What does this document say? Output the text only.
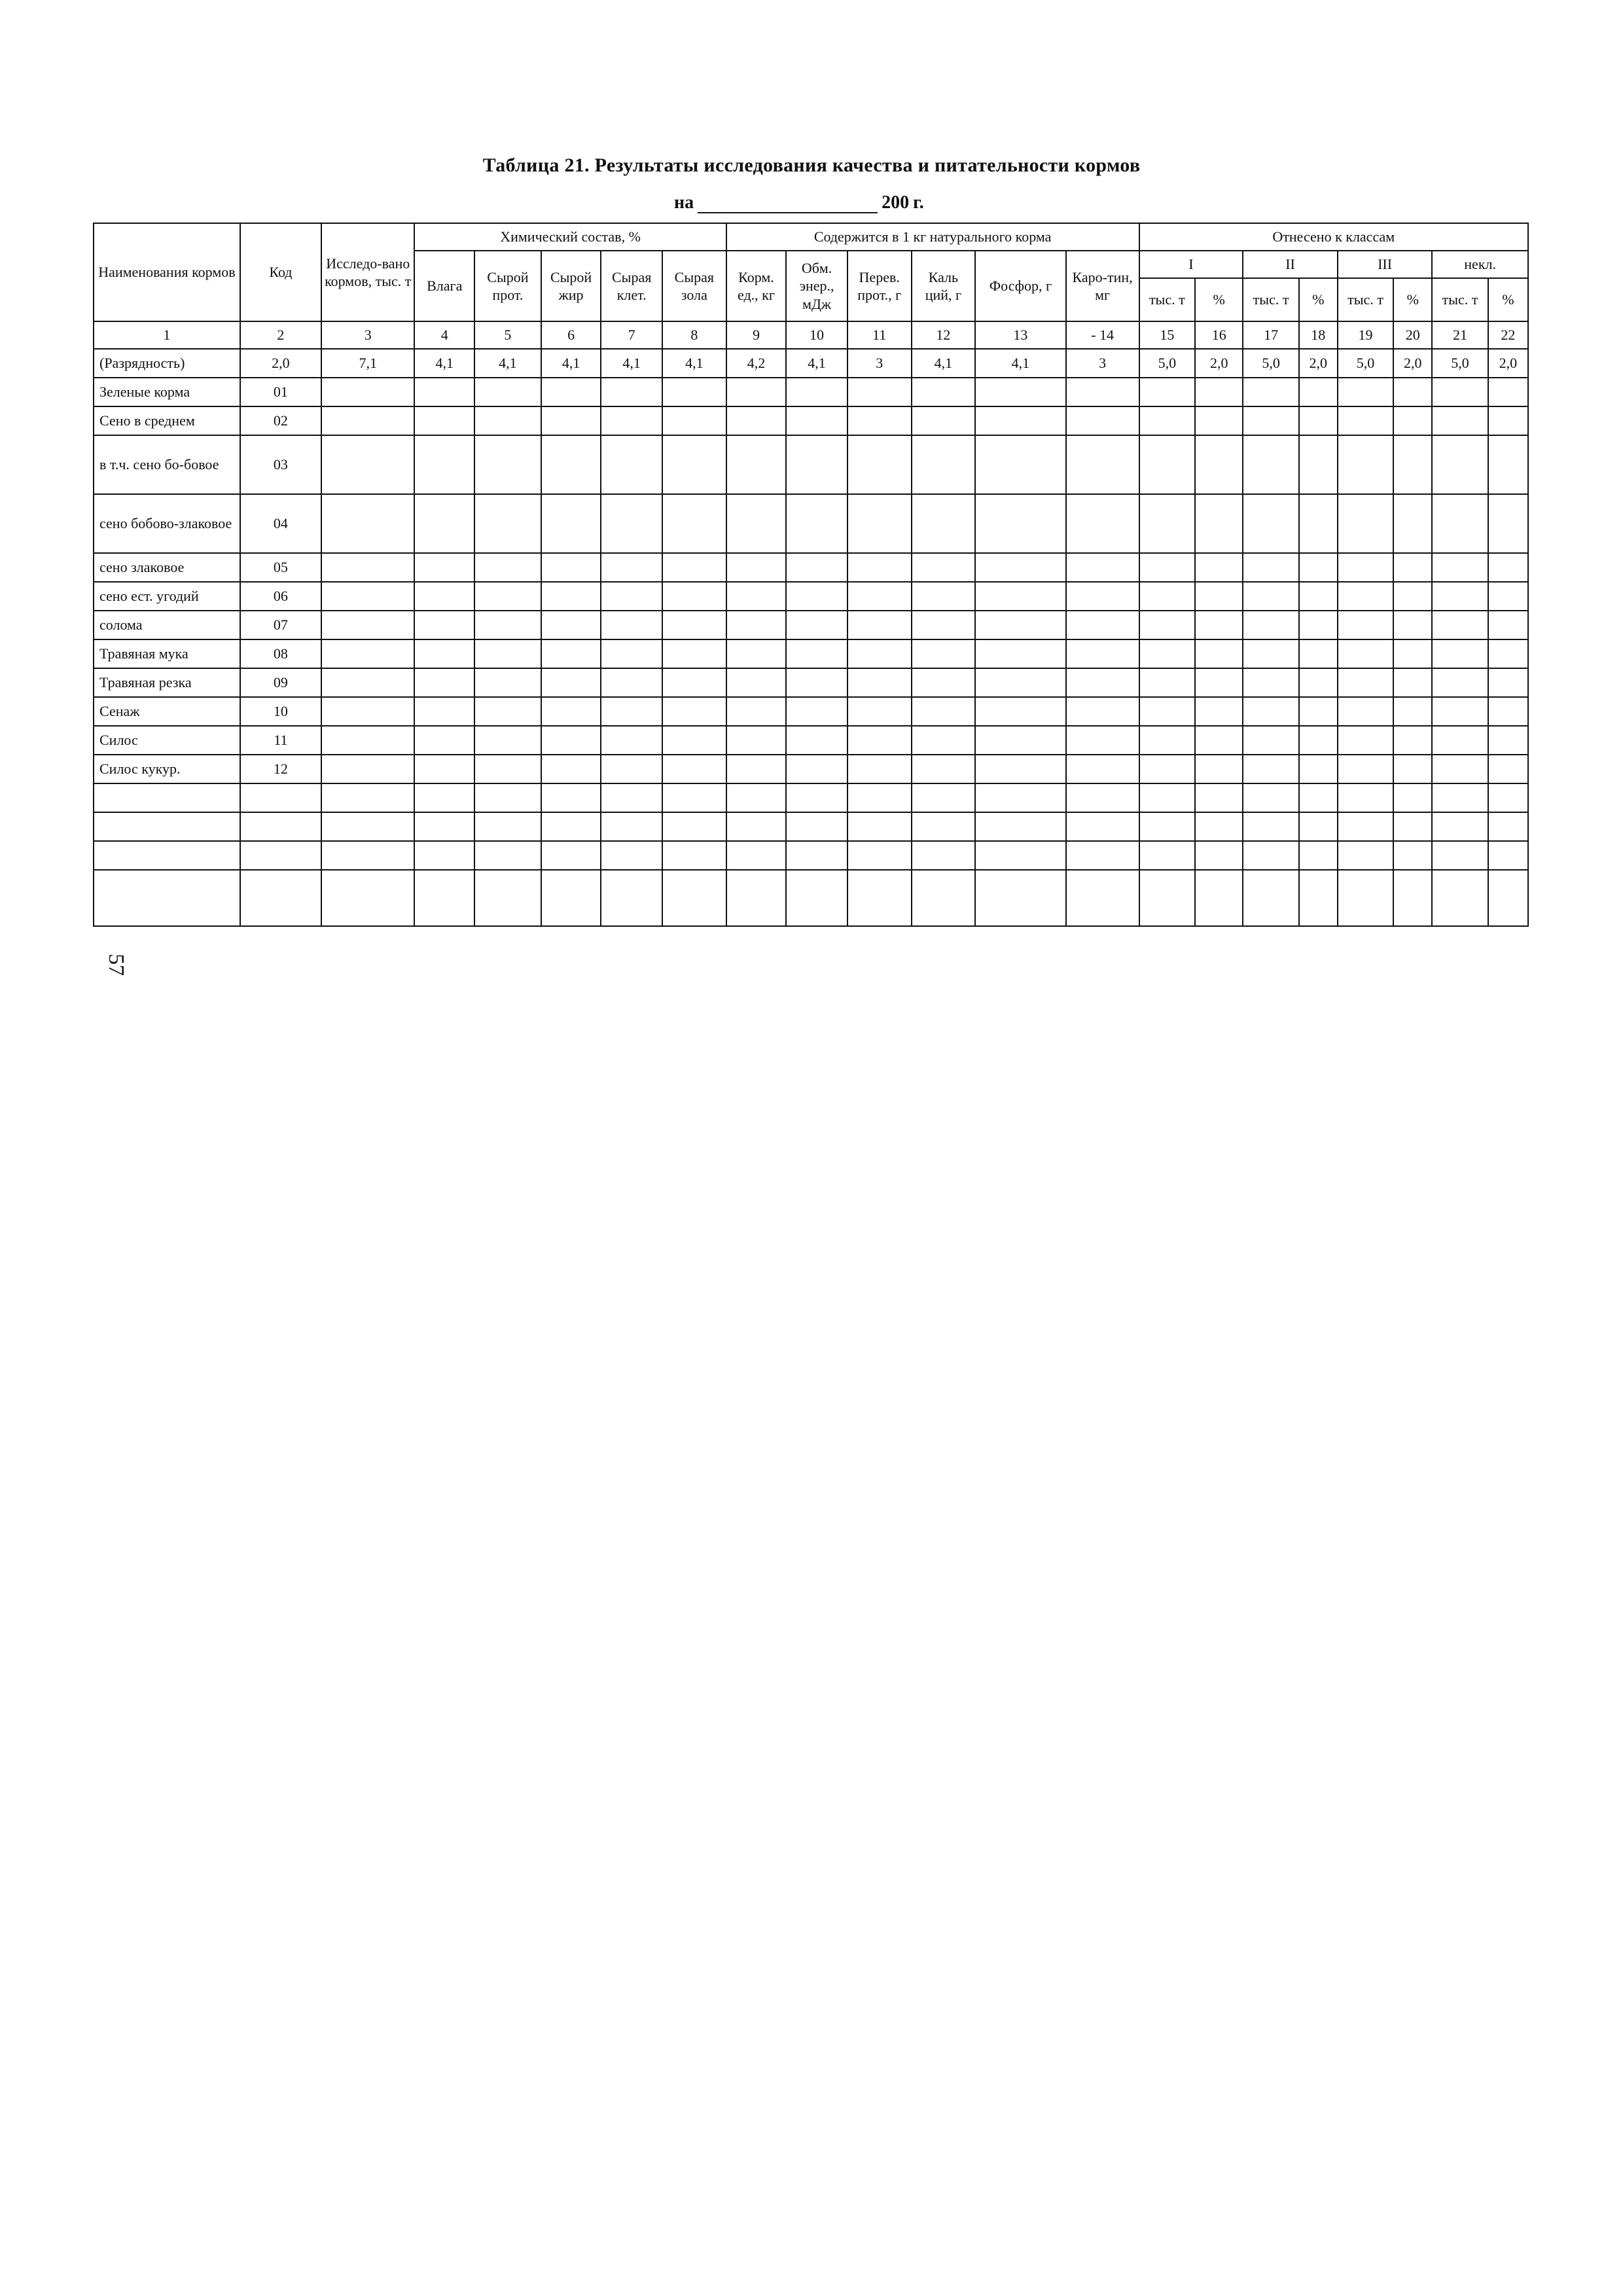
Таблица 21. Результаты исследования качества и питательности кормов
на	200 г.
Наименования кормов	Код	Исследо-вано кормов, тыс. т	Химический состав, %					Содержится в 1 кг натурального корма						Отнесено к классам							
			Влага	Сырой прот.	Сырой жир	Сырая клет.	Сырая зола	Корм. ед., кг	Обм. энер., мДж	Перев. прот., г	Каль ций, г	Фосфор, г	Каро-тин, мг	I		II		III		некл.	
														тыс. т	%	тыс. т	%	тыс. т	%	тыс. т	%
1	2	3	4	5	6	7	8	9	10	11	12	13	- 14	15	16	17	18	19	20	21	22
(Разрядность)	2,0	7,1	4,1	4,1	4,1	4,1	4,1	4,2	4,1	3	4,1	4,1	3	5,0	2,0	5,0	2,0	5,0	2,0	5,0	2,0
Зеленые корма	01																				
Сено в среднем	02																				
в т.ч. сено бо-бовое	03																				
сено бобово-злаковое	04																				
сено злаковое	05																				
сено ест. угодий	06																				
солома	07																				
Травяная мука	08																				
Травяная резка	09																				
Сенаж	10																				
Силос	11																				
Силос кукур.	12																				

57
